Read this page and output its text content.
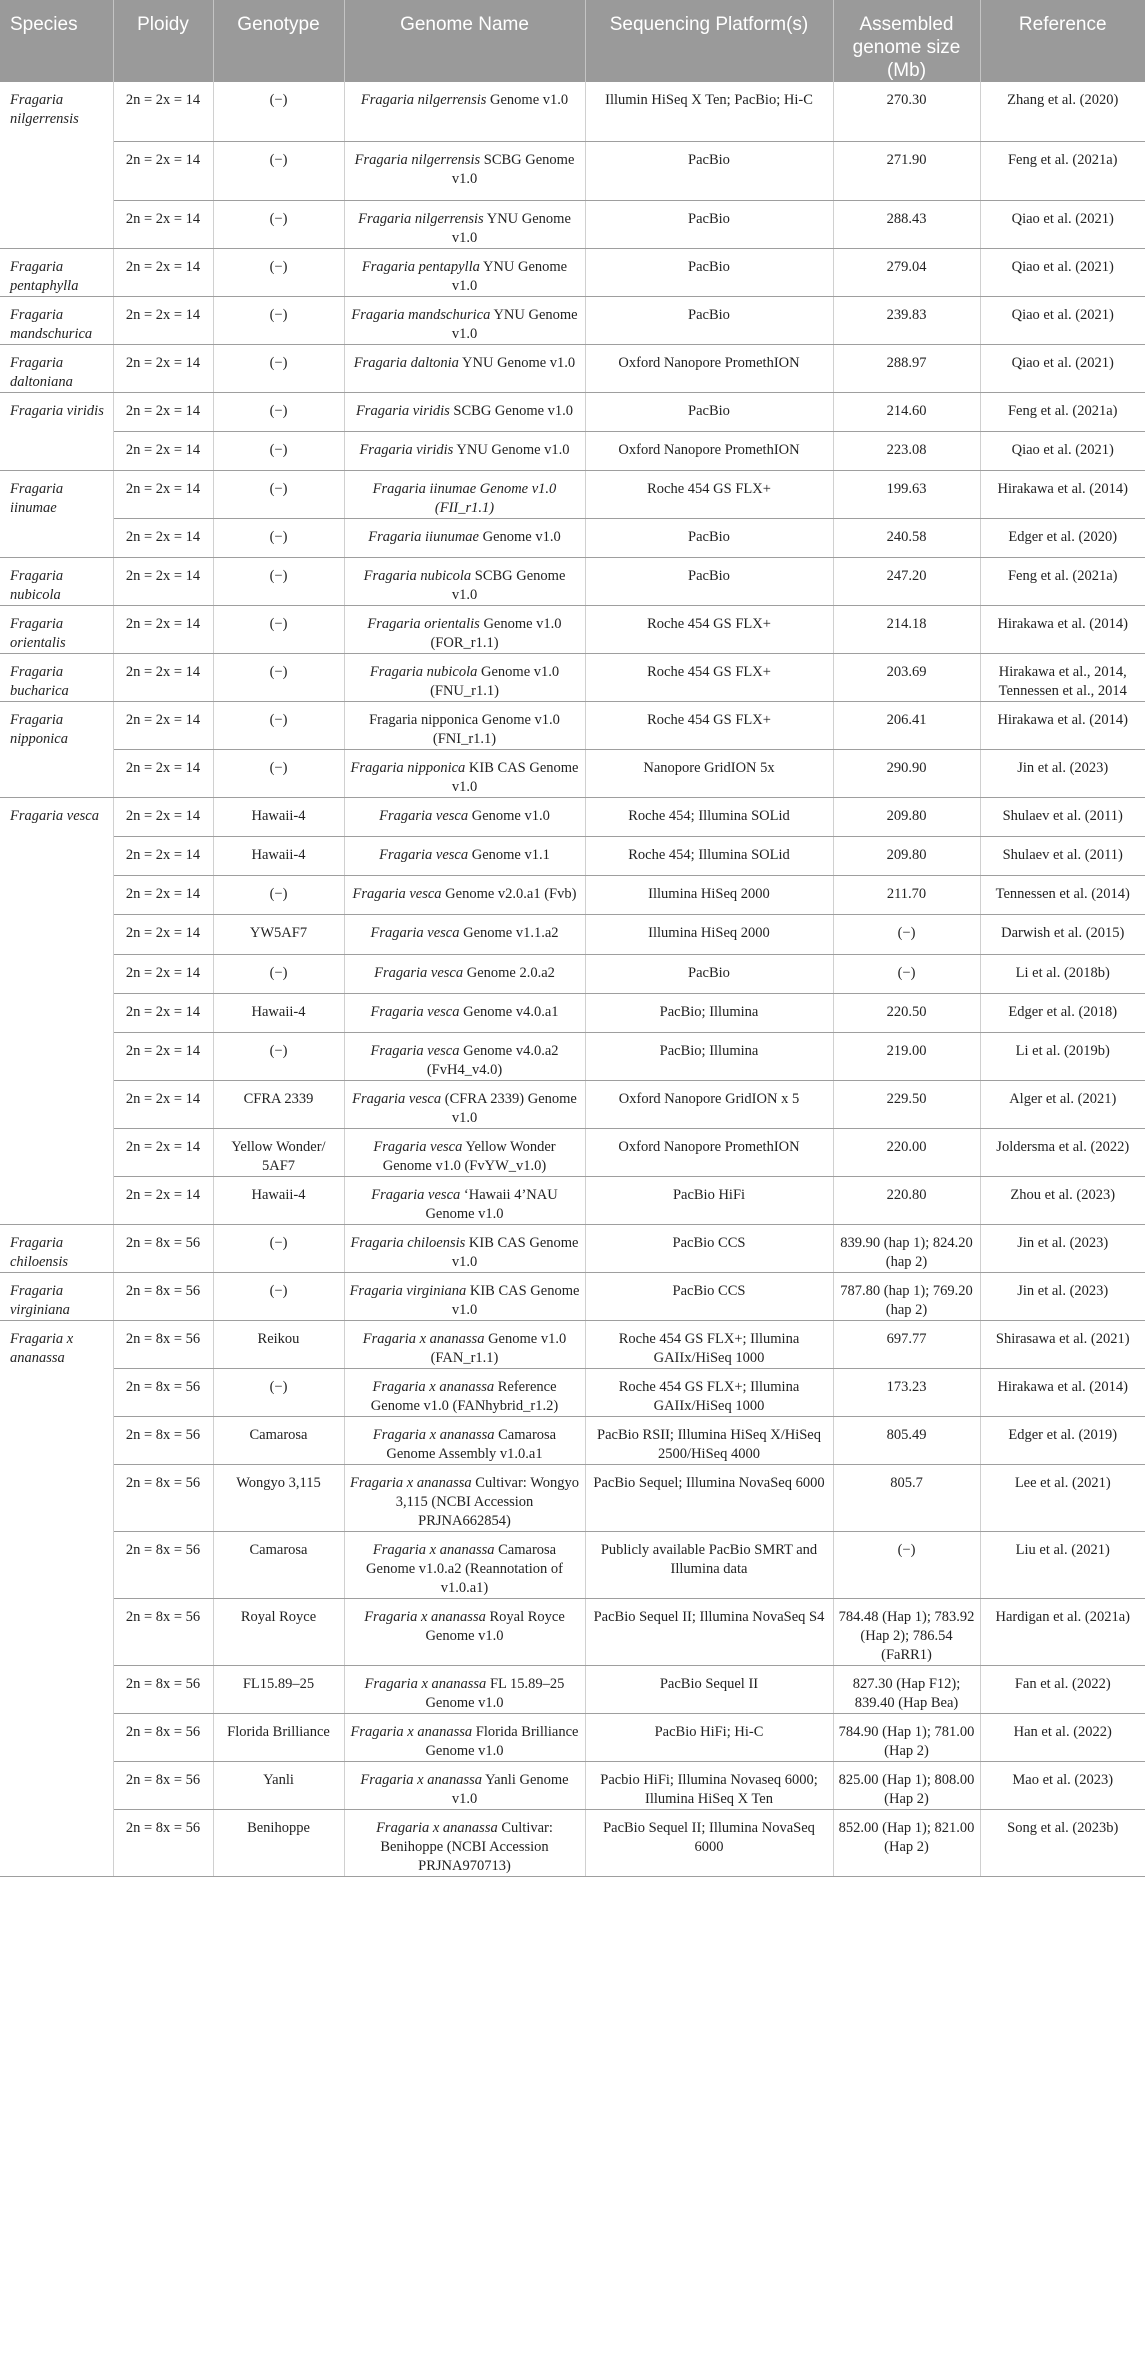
Species	Ploidy	Genotype	Genome Name	Sequencing Platform(s)	Assembled genome size (Mb)	Reference
Fragaria nilgerrensis	2n = 2x = 14	(−)	Fragaria nilgerrensis Genome v1.0	Illumin HiSeq X Ten; PacBio; Hi-C	270.30	Zhang et al. (2020)
	2n = 2x = 14	(−)	Fragaria nilgerrensis SCBG Genome v1.0	PacBio	271.90	Feng et al. (2021a)
	2n = 2x = 14	(−)	Fragaria nilgerrensis YNU Genome v1.0	PacBio	288.43	Qiao et al. (2021)
Fragaria pentaphylla	2n = 2x = 14	(−)	Fragaria pentapylla YNU Genome v1.0	PacBio	279.04	Qiao et al. (2021)
Fragaria mandschurica	2n = 2x = 14	(−)	Fragaria mandschurica YNU Genome v1.0	PacBio	239.83	Qiao et al. (2021)
Fragaria daltoniana	2n = 2x = 14	(−)	Fragaria daltonia YNU Genome v1.0	Oxford Nanopore PromethION	288.97	Qiao et al. (2021)
Fragaria viridis	2n = 2x = 14	(−)	Fragaria viridis SCBG Genome v1.0	PacBio	214.60	Feng et al. (2021a)
	2n = 2x = 14	(−)	Fragaria viridis YNU Genome v1.0	Oxford Nanopore PromethION	223.08	Qiao et al. (2021)
Fragaria iinumae	2n = 2x = 14	(−)	Fragaria iinumae Genome v1.0 (FII_r1.1)	Roche 454 GS FLX+	199.63	Hirakawa et al. (2014)
	2n = 2x = 14	(−)	Fragaria iiunumae Genome v1.0	PacBio	240.58	Edger et al. (2020)
Fragaria nubicola	2n = 2x = 14	(−)	Fragaria nubicola SCBG Genome v1.0	PacBio	247.20	Feng et al. (2021a)
Fragaria orientalis	2n = 2x = 14	(−)	Fragaria orientalis Genome v1.0 (FOR_r1.1)	Roche 454 GS FLX+	214.18	Hirakawa et al. (2014)
Fragaria bucharica	2n = 2x = 14	(−)	Fragaria nubicola Genome v1.0 (FNU_r1.1)	Roche 454 GS FLX+	203.69	Hirakawa et al., 2014, Tennessen et al., 2014
Fragaria nipponica	2n = 2x = 14	(−)	Fragaria nipponica Genome v1.0 (FNI_r1.1)	Roche 454 GS FLX+	206.41	Hirakawa et al. (2014)
	2n = 2x = 14	(−)	Fragaria nipponica KIB CAS Genome v1.0	Nanopore GridION 5x	290.90	Jin et al. (2023)
Fragaria vesca	2n = 2x = 14	Hawaii-4	Fragaria vesca Genome v1.0	Roche 454; Illumina SOLid	209.80	Shulaev et al. (2011)
	2n = 2x = 14	Hawaii-4	Fragaria vesca Genome v1.1	Roche 454; Illumina SOLid	209.80	Shulaev et al. (2011)
	2n = 2x = 14	(−)	Fragaria vesca Genome v2.0.a1 (Fvb)	Illumina HiSeq 2000	211.70	Tennessen et al. (2014)
	2n = 2x = 14	YW5AF7	Fragaria vesca Genome v1.1.a2	Illumina HiSeq 2000	(−)	Darwish et al. (2015)
	2n = 2x = 14	(−)	Fragaria vesca Genome 2.0.a2	PacBio	(−)	Li et al. (2018b)
	2n = 2x = 14	Hawaii-4	Fragaria vesca Genome v4.0.a1	PacBio; Illumina	220.50	Edger et al. (2018)
	2n = 2x = 14	(−)	Fragaria vesca Genome v4.0.a2 (FvH4_v4.0)	PacBio; Illumina	219.00	Li et al. (2019b)
	2n = 2x = 14	CFRA 2339	Fragaria vesca (CFRA 2339) Genome v1.0	Oxford Nanopore GridION x 5	229.50	Alger et al. (2021)
	2n = 2x = 14	Yellow Wonder/ 5AF7	Fragaria vesca Yellow Wonder Genome v1.0 (FvYW_v1.0)	Oxford Nanopore PromethION	220.00	Joldersma et al. (2022)
	2n = 2x = 14	Hawaii-4	Fragaria vesca ‘Hawaii 4’NAU Genome v1.0	PacBio HiFi	220.80	Zhou et al. (2023)
Fragaria chiloensis	2n = 8x = 56	(−)	Fragaria chiloensis KIB CAS Genome v1.0	PacBio CCS	839.90 (hap 1); 824.20 (hap 2)	Jin et al. (2023)
Fragaria virginiana	2n = 8x = 56	(−)	Fragaria virginiana KIB CAS Genome v1.0	PacBio CCS	787.80 (hap 1); 769.20 (hap 2)	Jin et al. (2023)
Fragaria x ananassa	2n = 8x = 56	Reikou	Fragaria x ananassa Genome v1.0 (FAN_r1.1)	Roche 454 GS FLX+; Illumina GAIIx/HiSeq 1000	697.77	Shirasawa et al. (2021)
	2n = 8x = 56	(−)	Fragaria x ananassa Reference Genome v1.0 (FANhybrid_r1.2)	Roche 454 GS FLX+; Illumina GAIIx/HiSeq 1000	173.23	Hirakawa et al. (2014)
	2n = 8x = 56	Camarosa	Fragaria x ananassa Camarosa Genome Assembly v1.0.a1	PacBio RSII; Illumina HiSeq X/HiSeq 2500/HiSeq 4000	805.49	Edger et al. (2019)
	2n = 8x = 56	Wongyo 3,115	Fragaria x ananassa Cultivar: Wongyo 3,115 (NCBI Accession PRJNA662854)	PacBio Sequel; Illumina NovaSeq 6000	805.7	Lee et al. (2021)
	2n = 8x = 56	Camarosa	Fragaria x ananassa Camarosa Genome v1.0.a2 (Reannotation of v1.0.a1)	Publicly available PacBio SMRT and Illumina data	(−)	Liu et al. (2021)
	2n = 8x = 56	Royal Royce	Fragaria x ananassa Royal Royce Genome v1.0	PacBio Sequel II; Illumina NovaSeq S4	784.48 (Hap 1); 783.92 (Hap 2); 786.54 (FaRR1)	Hardigan et al. (2021a)
	2n = 8x = 56	FL15.89–25	Fragaria x ananassa FL 15.89–25 Genome v1.0	PacBio Sequel II	827.30 (Hap F12); 839.40 (Hap Bea)	Fan et al. (2022)
	2n = 8x = 56	Florida Brilliance	Fragaria x ananassa Florida Brilliance Genome v1.0	PacBio HiFi; Hi-C	784.90 (Hap 1); 781.00 (Hap 2)	Han et al. (2022)
	2n = 8x = 56	Yanli	Fragaria x ananassa Yanli Genome v1.0	Pacbio HiFi; Illumina Novaseq 6000; Illumina HiSeq X Ten	825.00 (Hap 1); 808.00 (Hap 2)	Mao et al. (2023)
	2n = 8x = 56	Benihoppe	Fragaria x ananassa Cultivar: Benihoppe (NCBI Accession PRJNA970713)	PacBio Sequel II; Illumina NovaSeq 6000	852.00 (Hap 1); 821.00 (Hap 2)	Song et al. (2023b)
